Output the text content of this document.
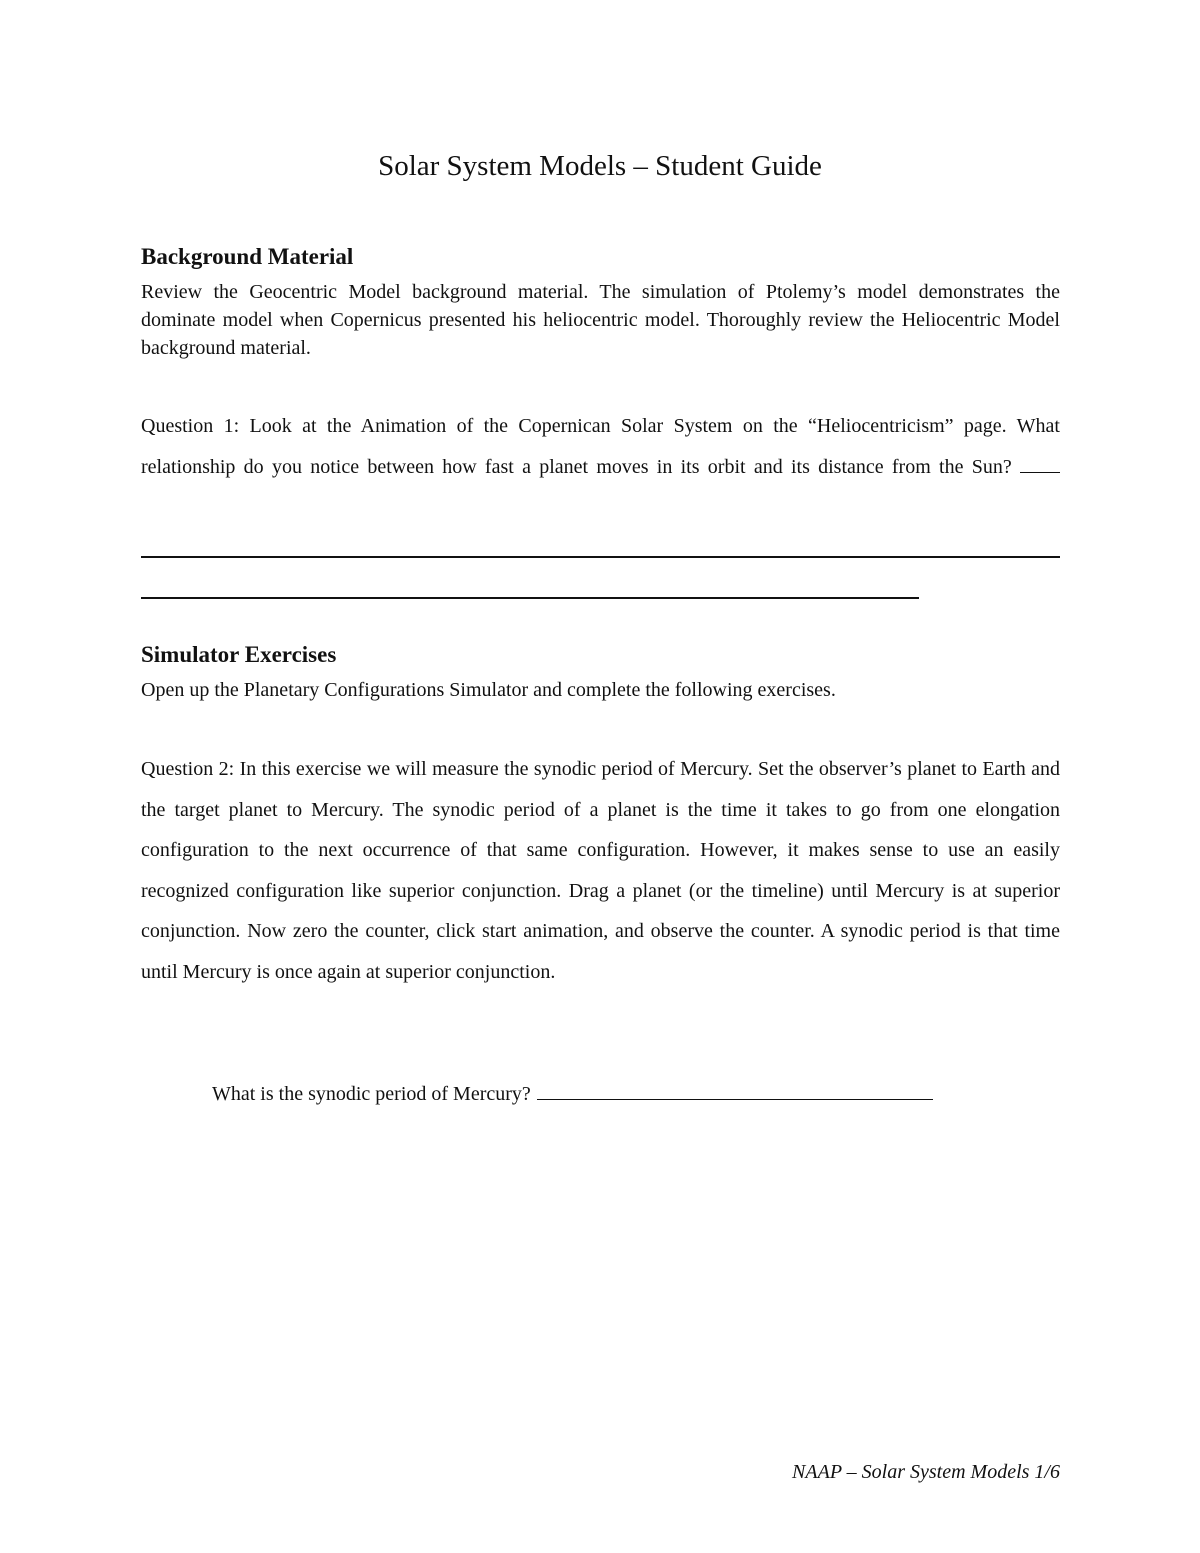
Solar System Models – Student Guide
Background Material
Review the Geocentric Model background material. The simulation of Ptolemy’s model demonstrates the dominate model when Copernicus presented his heliocentric model. Thoroughly review the Heliocentric Model background material.
Question 1: Look at the Animation of the Copernican Solar System on the “Heliocentricism” page. What relationship do you notice between how fast a planet moves in its orbit and its distance from the Sun?
Simulator Exercises
Open up the Planetary Configurations Simulator and complete the following exercises.
Question 2: In this exercise we will measure the synodic period of Mercury. Set the observer’s planet to Earth and the target planet to Mercury. The synodic period of a planet is the time it takes to go from one elongation configuration to the next occurrence of that same configuration. However, it makes sense to use an easily recognized configuration like superior conjunction. Drag a planet (or the timeline) until Mercury is at superior conjunction. Now zero the counter, click start animation, and observe the counter. A synodic period is that time until Mercury is once again at superior conjunction.
What is the synodic period of Mercury?
NAAP – Solar System Models 1/6
